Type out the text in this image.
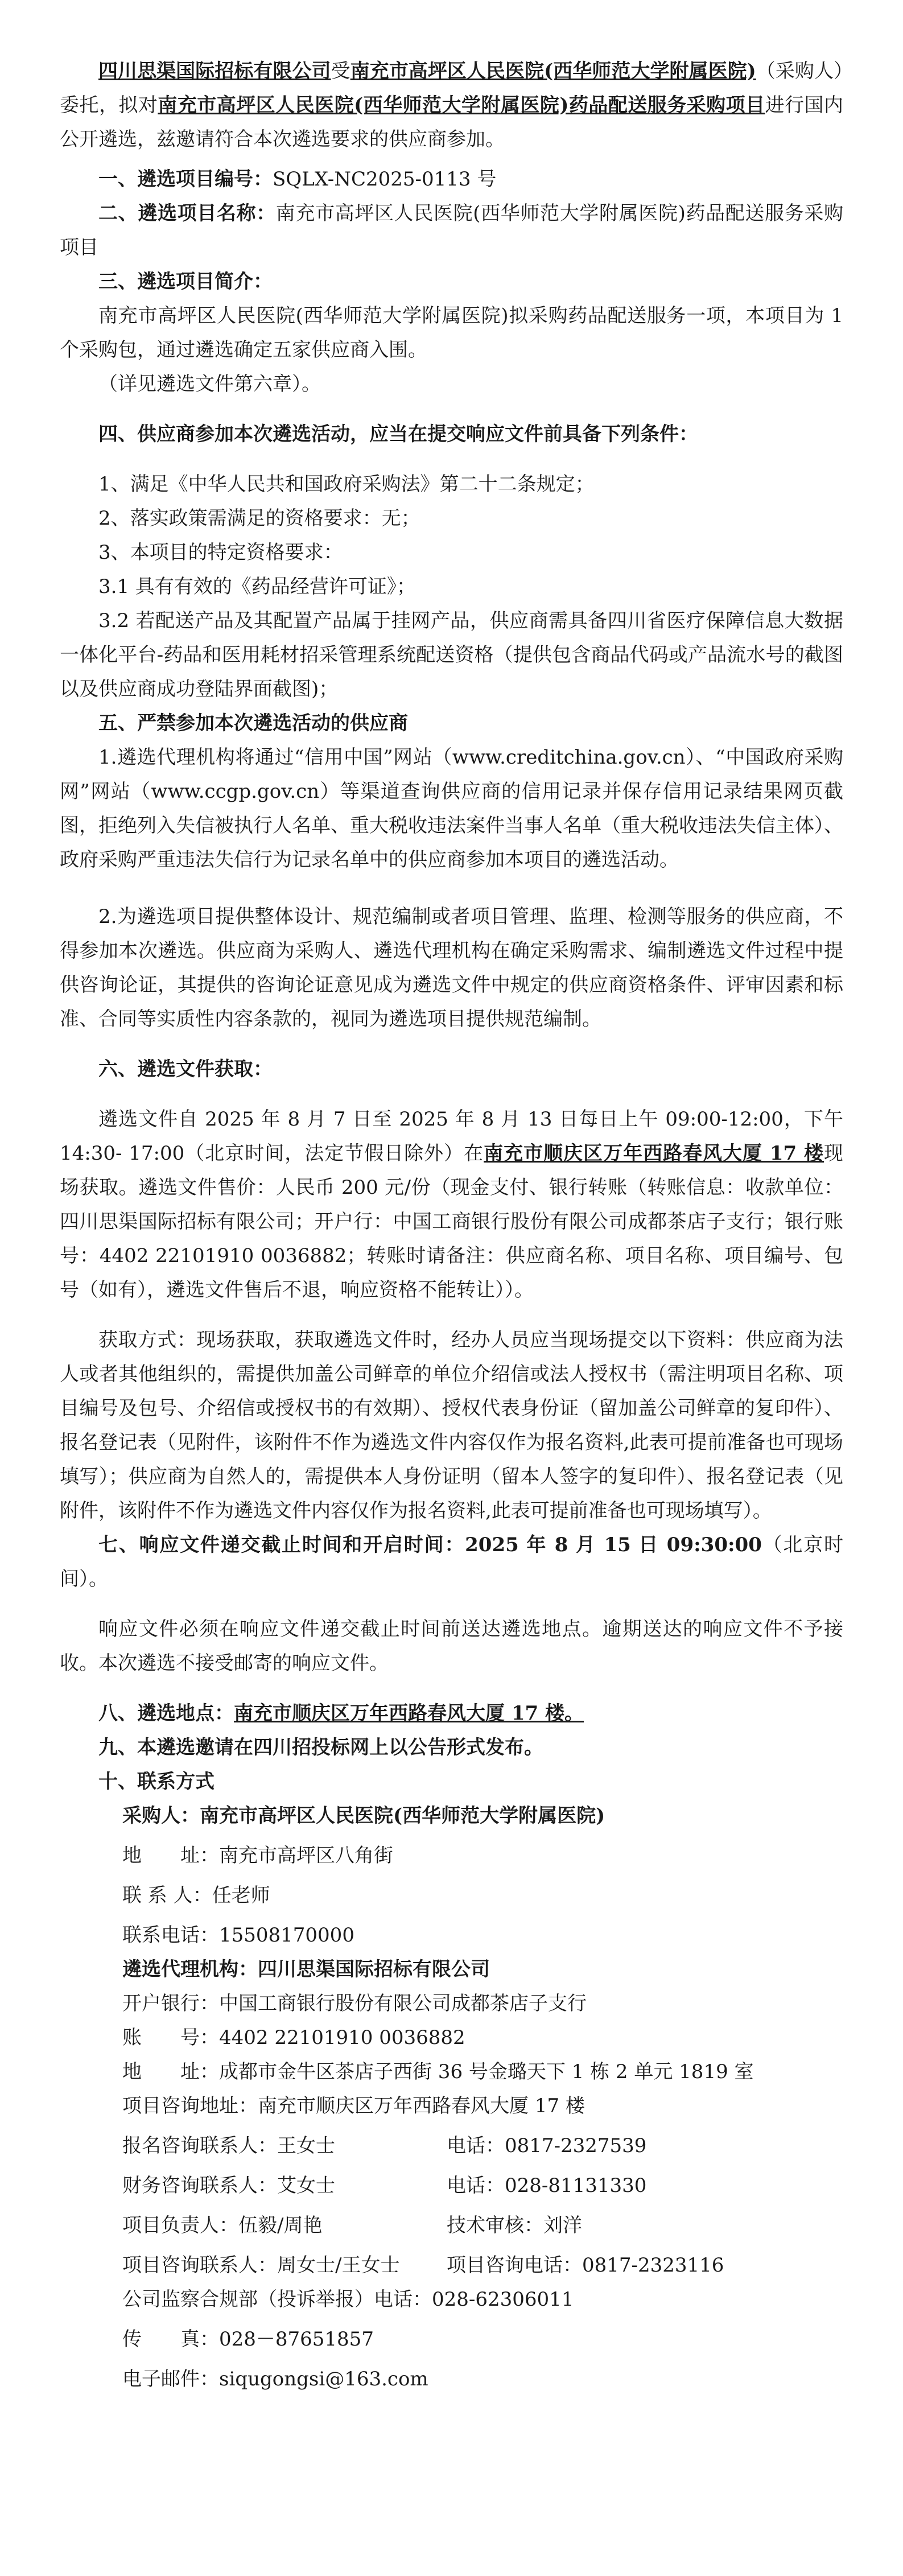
四川思渠国际招标有限公司受南充市高坪区人民医院(西华师范大学附属医院)（采购人）委托，拟对南充市高坪区人民医院(西华师范大学附属医院)药品配送服务采购项目进行国内公开遴选，兹邀请符合本次遴选要求的供应商参加。

一、遴选项目编号：SQLX-NC2025-0113 号

二、遴选项目名称：南充市高坪区人民医院(西华师范大学附属医院)药品配送服务采购项目

三、遴选项目简介：

南充市高坪区人民医院(西华师范大学附属医院)拟采购药品配送服务一项，本项目为 1 个采购包，通过遴选确定五家供应商入围。

（详见遴选文件第六章）。

四、供应商参加本次遴选活动，应当在提交响应文件前具备下列条件：

1、满足《中华人民共和国政府采购法》第二十二条规定；

2、落实政策需满足的资格要求：无；

3、本项目的特定资格要求：

3.1 具有有效的《药品经营许可证》；

3.2 若配送产品及其配置产品属于挂网产品，供应商需具备四川省医疗保障信息大数据一体化平台-药品和医用耗材招采管理系统配送资格（提供包含商品代码或产品流水号的截图以及供应商成功登陆界面截图)；

五、严禁参加本次遴选活动的供应商

1.遴选代理机构将通过“信用中国”网站（www.creditchina.gov.cn）、“中国政府采购网”网站（www.ccgp.gov.cn）等渠道查询供应商的信用记录并保存信用记录结果网页截图，拒绝列入失信被执行人名单、重大税收违法案件当事人名单（重大税收违法失信主体）、政府采购严重违法失信行为记录名单中的供应商参加本项目的遴选活动。

2.为遴选项目提供整体设计、规范编制或者项目管理、监理、检测等服务的供应商，不得参加本次遴选。供应商为采购人、遴选代理机构在确定采购需求、编制遴选文件过程中提供咨询论证，其提供的咨询论证意见成为遴选文件中规定的供应商资格条件、评审因素和标准、合同等实质性内容条款的，视同为遴选项目提供规范编制。

六、遴选文件获取：

遴选文件自 2025 年 8 月 7 日至 2025 年 8 月 13 日每日上午 09:00-12:00，下午 14:30- 17:00（北京时间，法定节假日除外）在南充市顺庆区万年西路春风大厦 17 楼现场获取。遴选文件售价：人民币 200 元/份（现金支付、银行转账（转账信息：收款单位：四川思渠国际招标有限公司；开户行：中国工商银行股份有限公司成都茶店子支行；银行账号：4402 22101910 0036882；转账时请备注：供应商名称、项目名称、项目编号、包号（如有），遴选文件售后不退，响应资格不能转让））。

获取方式：现场获取，获取遴选文件时，经办人员应当现场提交以下资料：供应商为法人或者其他组织的，需提供加盖公司鲜章的单位介绍信或法人授权书（需注明项目名称、项目编号及包号、介绍信或授权书的有效期）、授权代表身份证（留加盖公司鲜章的复印件）、报名登记表（见附件，该附件不作为遴选文件内容仅作为报名资料,此表可提前准备也可现场填写）；供应商为自然人的，需提供本人身份证明（留本人签字的复印件）、报名登记表（见附件，该附件不作为遴选文件内容仅作为报名资料,此表可提前准备也可现场填写）。

七、响应文件递交截止时间和开启时间：2025 年 8 月 15 日 09:30:00（北京时间）。

响应文件必须在响应文件递交截止时间前送达遴选地点。逾期送达的响应文件不予接收。本次遴选不接受邮寄的响应文件。

八、遴选地点：南充市顺庆区万年西路春风大厦 17 楼。

九、本遴选邀请在四川招投标网上以公告形式发布。

十、联系方式

采购人：南充市高坪区人民医院(西华师范大学附属医院)

地　　址：南充市高坪区八角街

联 系 人：任老师

联系电话：15508170000

遴选代理机构：四川思渠国际招标有限公司

开户银行：中国工商银行股份有限公司成都茶店子支行

账　　号：4402 22101910 0036882

地　　址：成都市金牛区茶店子西街 36 号金璐天下 1 栋 2 单元 1819 室

项目咨询地址：南充市顺庆区万年西路春风大厦 17 楼

报名咨询联系人：王女士	电话：0817-2327539
财务咨询联系人：艾女士	电话：028-81131330
项目负责人：伍毅/周艳	技术审核：刘洋
项目咨询联系人：周女士/王女士	项目咨询电话：0817-2323116

公司监察合规部（投诉举报）电话：028-62306011

传　　真：028－87651857

电子邮件：siqugongsi@163.com
